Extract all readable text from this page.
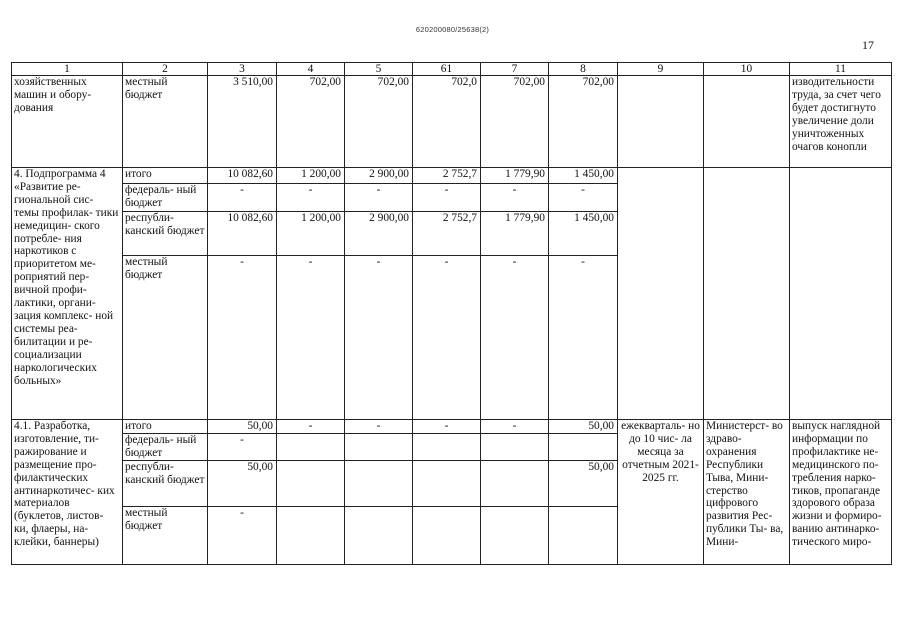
620200080/25638(2)
17
1	2	3	4	5	61	7	8	9	10	11
хозяйственных машин и обору- дования	местный бюджет	3 510,00	702,00	702,00	702,0	702,00	702,00			изводительности труда, за счет чего будет достигнуто увеличение доли уничтоженных очагов конопли
4. Подпрограмма 4 «Развитие ре- гиональной сис- темы профилак- тики немедицин- ского потребле- ния наркотиков с приоритетом ме- роприятий пер- вичной профи- лактики, органи- зация комплекс- ной системы реа- билитации и ре- социализации наркологических больных»	итого	10 082,60	1 200,00	2 900,00	2 752,7	1 779,90	1 450,00			
	федераль- ный бюджет	-	-	-	-	-	-			
	республи- канский бюджет	10 082,60	1 200,00	2 900,00	2 752,7	1 779,90	1 450,00			
	местный бюджет	-	-	-	-	-	-			
4.1. Разработка, изготовление, ти- ражирование и размещение про- филактических антинаркотичес- ких материалов (буклетов, листов- ки, флаеры, на- клейки, баннеры)	итого	50,00	-	-	-	-	50,00	ежекварталь- но до 10 чис- ла месяца за отчетным 2021-2025 гг.	Министерст- во здраво- охранения Республики Тыва, Мини- стерство цифрового развития Рес- публики Ты- ва, Мини-	выпуск наглядной информации по профилактике не- медицинского по- требления нарко- тиков, пропаганде здорового образа жизни и формиро- ванию антинарко- тического миро-
	федераль- ный бюджет	-								
	республи- канский бюджет	50,00					50,00			
	местный бюджет	-								
